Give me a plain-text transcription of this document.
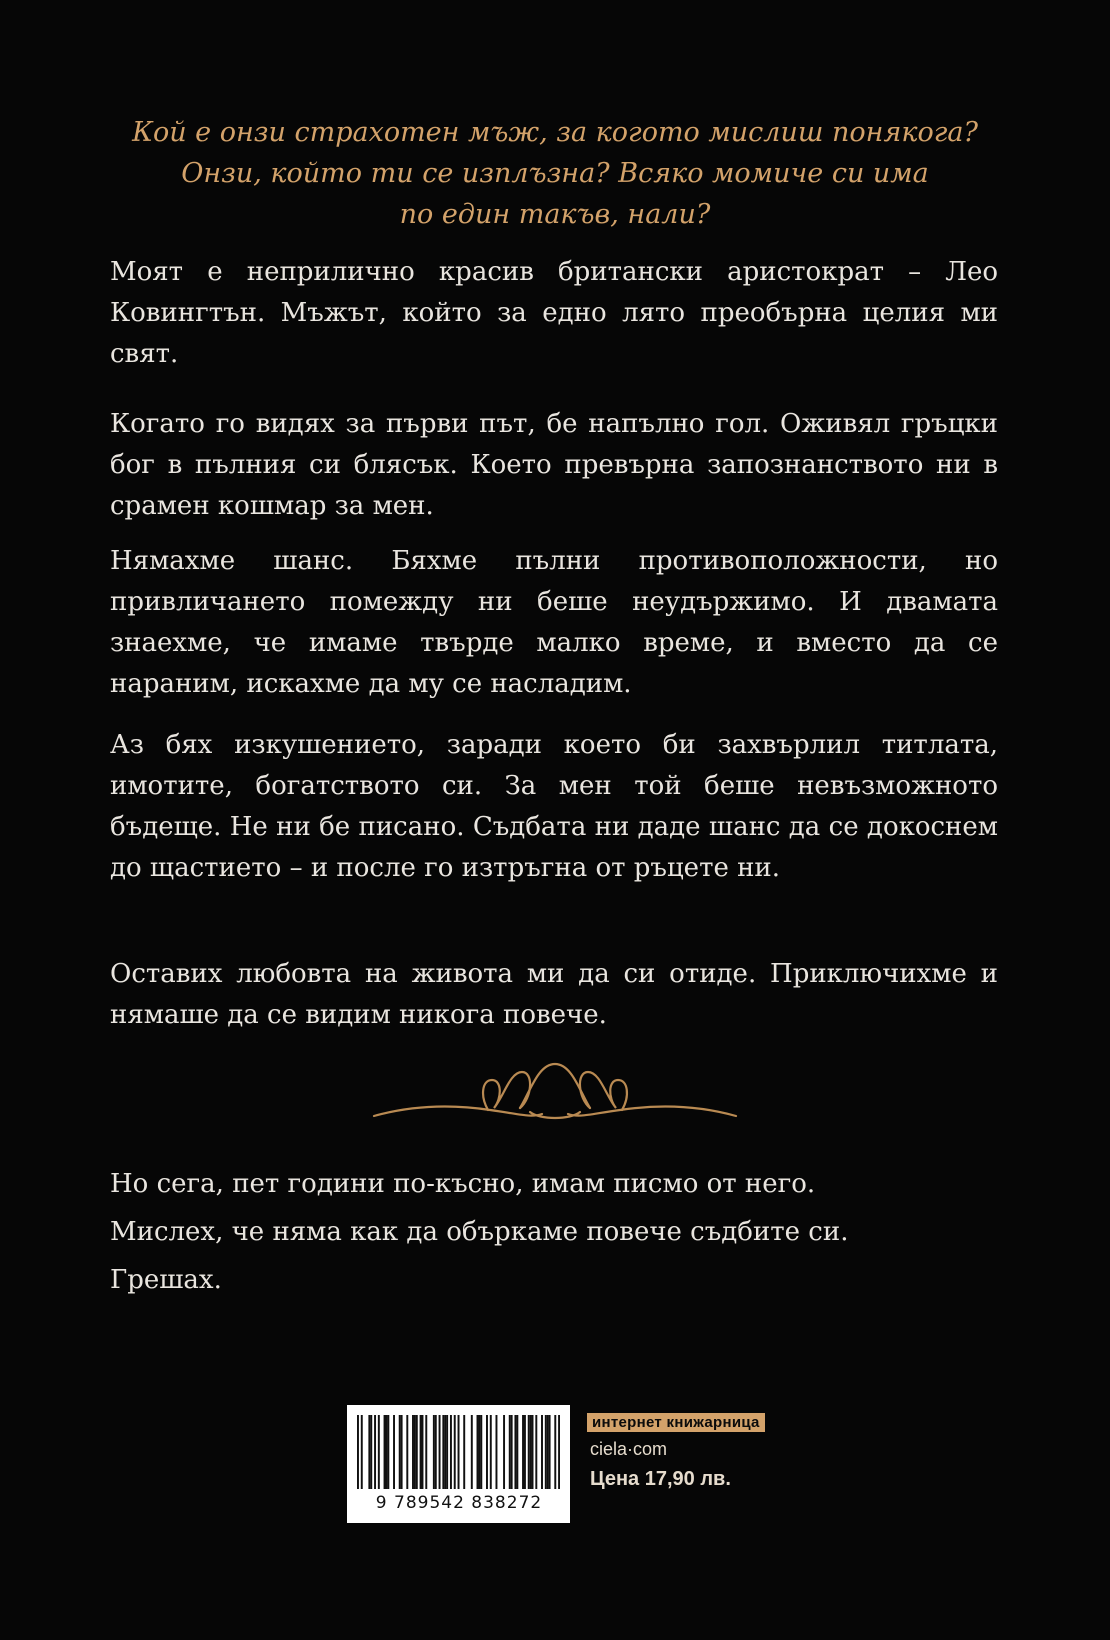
Кой е онзи страхотен мъж, за когото мислиш понякога?
Онзи, който ти се изплъзна? Всяко момиче си има
по един такъв, нали?

Моят е неприлично красив британски аристократ – Лео Ковингтън. Мъжът, който за едно лято преобърна целия ми свят.

Когато го видях за първи път, бе напълно гол. Оживял гръцки бог в пълния си блясък. Което превърна запознанството ни в срамен кошмар за мен.

Нямахме шанс. Бяхме пълни противоположности, но привличането помежду ни беше неудържимо. И двамата знаехме, че имаме твърде малко време, и вместо да се нараним, искахме да му се насладим.

Аз бях изкушението, заради което би захвърлил титлата, имотите, богатството си. За мен той беше невъзможното бъдеще. Не ни бе писано. Съдбата ни даде шанс да се докоснем до щастието – и после го изтръгна от ръцете ни.

Оставих любовта на живота ми да си отиде. Приключихме и нямаше да се видим никога повече.

Но сега, пет години по-късно, имам писмо от него.

Мислех, че няма как да объркаме повече съдбите си.

Грешах.

9 789542 838272
интернет книжарница
ciela·com
Цена 17,90 лв.
